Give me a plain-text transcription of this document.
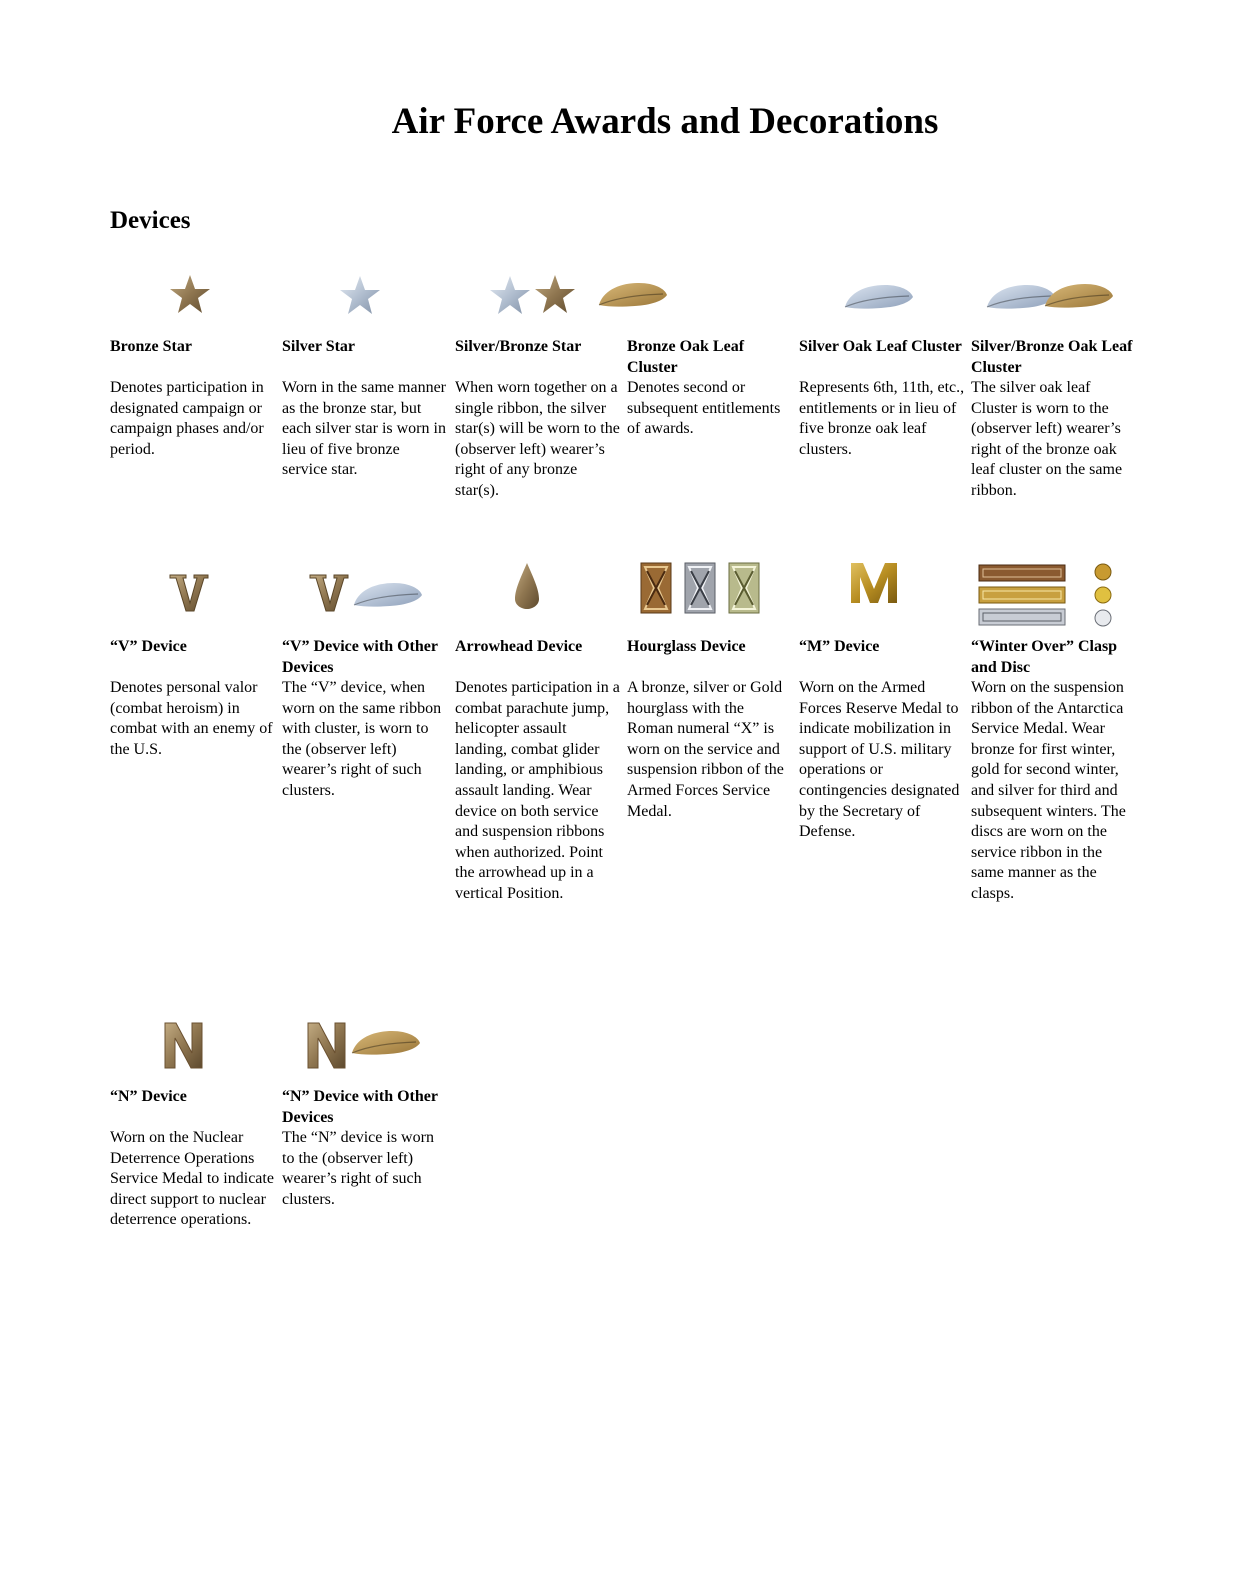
Air Force Awards and Decorations
Devices

Bronze Star

Denotes participation in designated campaign or campaign phases and/or period.

Silver Star

Worn in the same manner as the bronze star, but each silver star is worn in lieu of five bronze service star.

Silver/Bronze Star

When worn together on a single ribbon, the silver star(s) will be worn to the (observer left) wearer’s right of any bronze star(s).

Bronze Oak Leaf Cluster

Denotes second or subsequent entitlements of awards.

Silver Oak Leaf Cluster

Represents 6th, 11th, etc., entitlements or in lieu of five bronze oak leaf clusters.

Silver/Bronze Oak Leaf Cluster

The silver oak leaf Cluster is worn to the (observer left) wearer’s right of the bronze oak leaf cluster on the same ribbon.

“V” Device

Denotes personal valor (combat heroism) in combat with an enemy of the U.S.

“V” Device with Other Devices

The “V” device, when worn on the same ribbon with cluster, is worn to the (observer left) wearer’s right of such clusters.

Arrowhead Device

Denotes participation in a combat parachute jump, helicopter assault landing, combat glider landing, or amphibious assault landing. Wear device on both service and suspension ribbons when authorized. Point the arrowhead up in a vertical Position.

Hourglass Device

A bronze, silver or Gold hourglass with the Roman numeral “X” is worn on the service and suspension ribbon of the Armed Forces Service Medal.

“M” Device

Worn on the Armed Forces Reserve Medal to indicate mobilization in support of U.S. military operations or contingencies designated by the Secretary of Defense.

“Winter Over” Clasp and Disc

Worn on the suspension ribbon of the Antarctica Service Medal. Wear bronze for first winter, gold for second winter, and silver for third and subsequent winters. The discs are worn on the service ribbon in the same manner as the clasps.

“N” Device

Worn on the Nuclear Deterrence Operations Service Medal to indicate direct support to nuclear deterrence operations.

“N” Device with Other Devices

The “N” device is worn to the (observer left) wearer’s right of such clusters.
